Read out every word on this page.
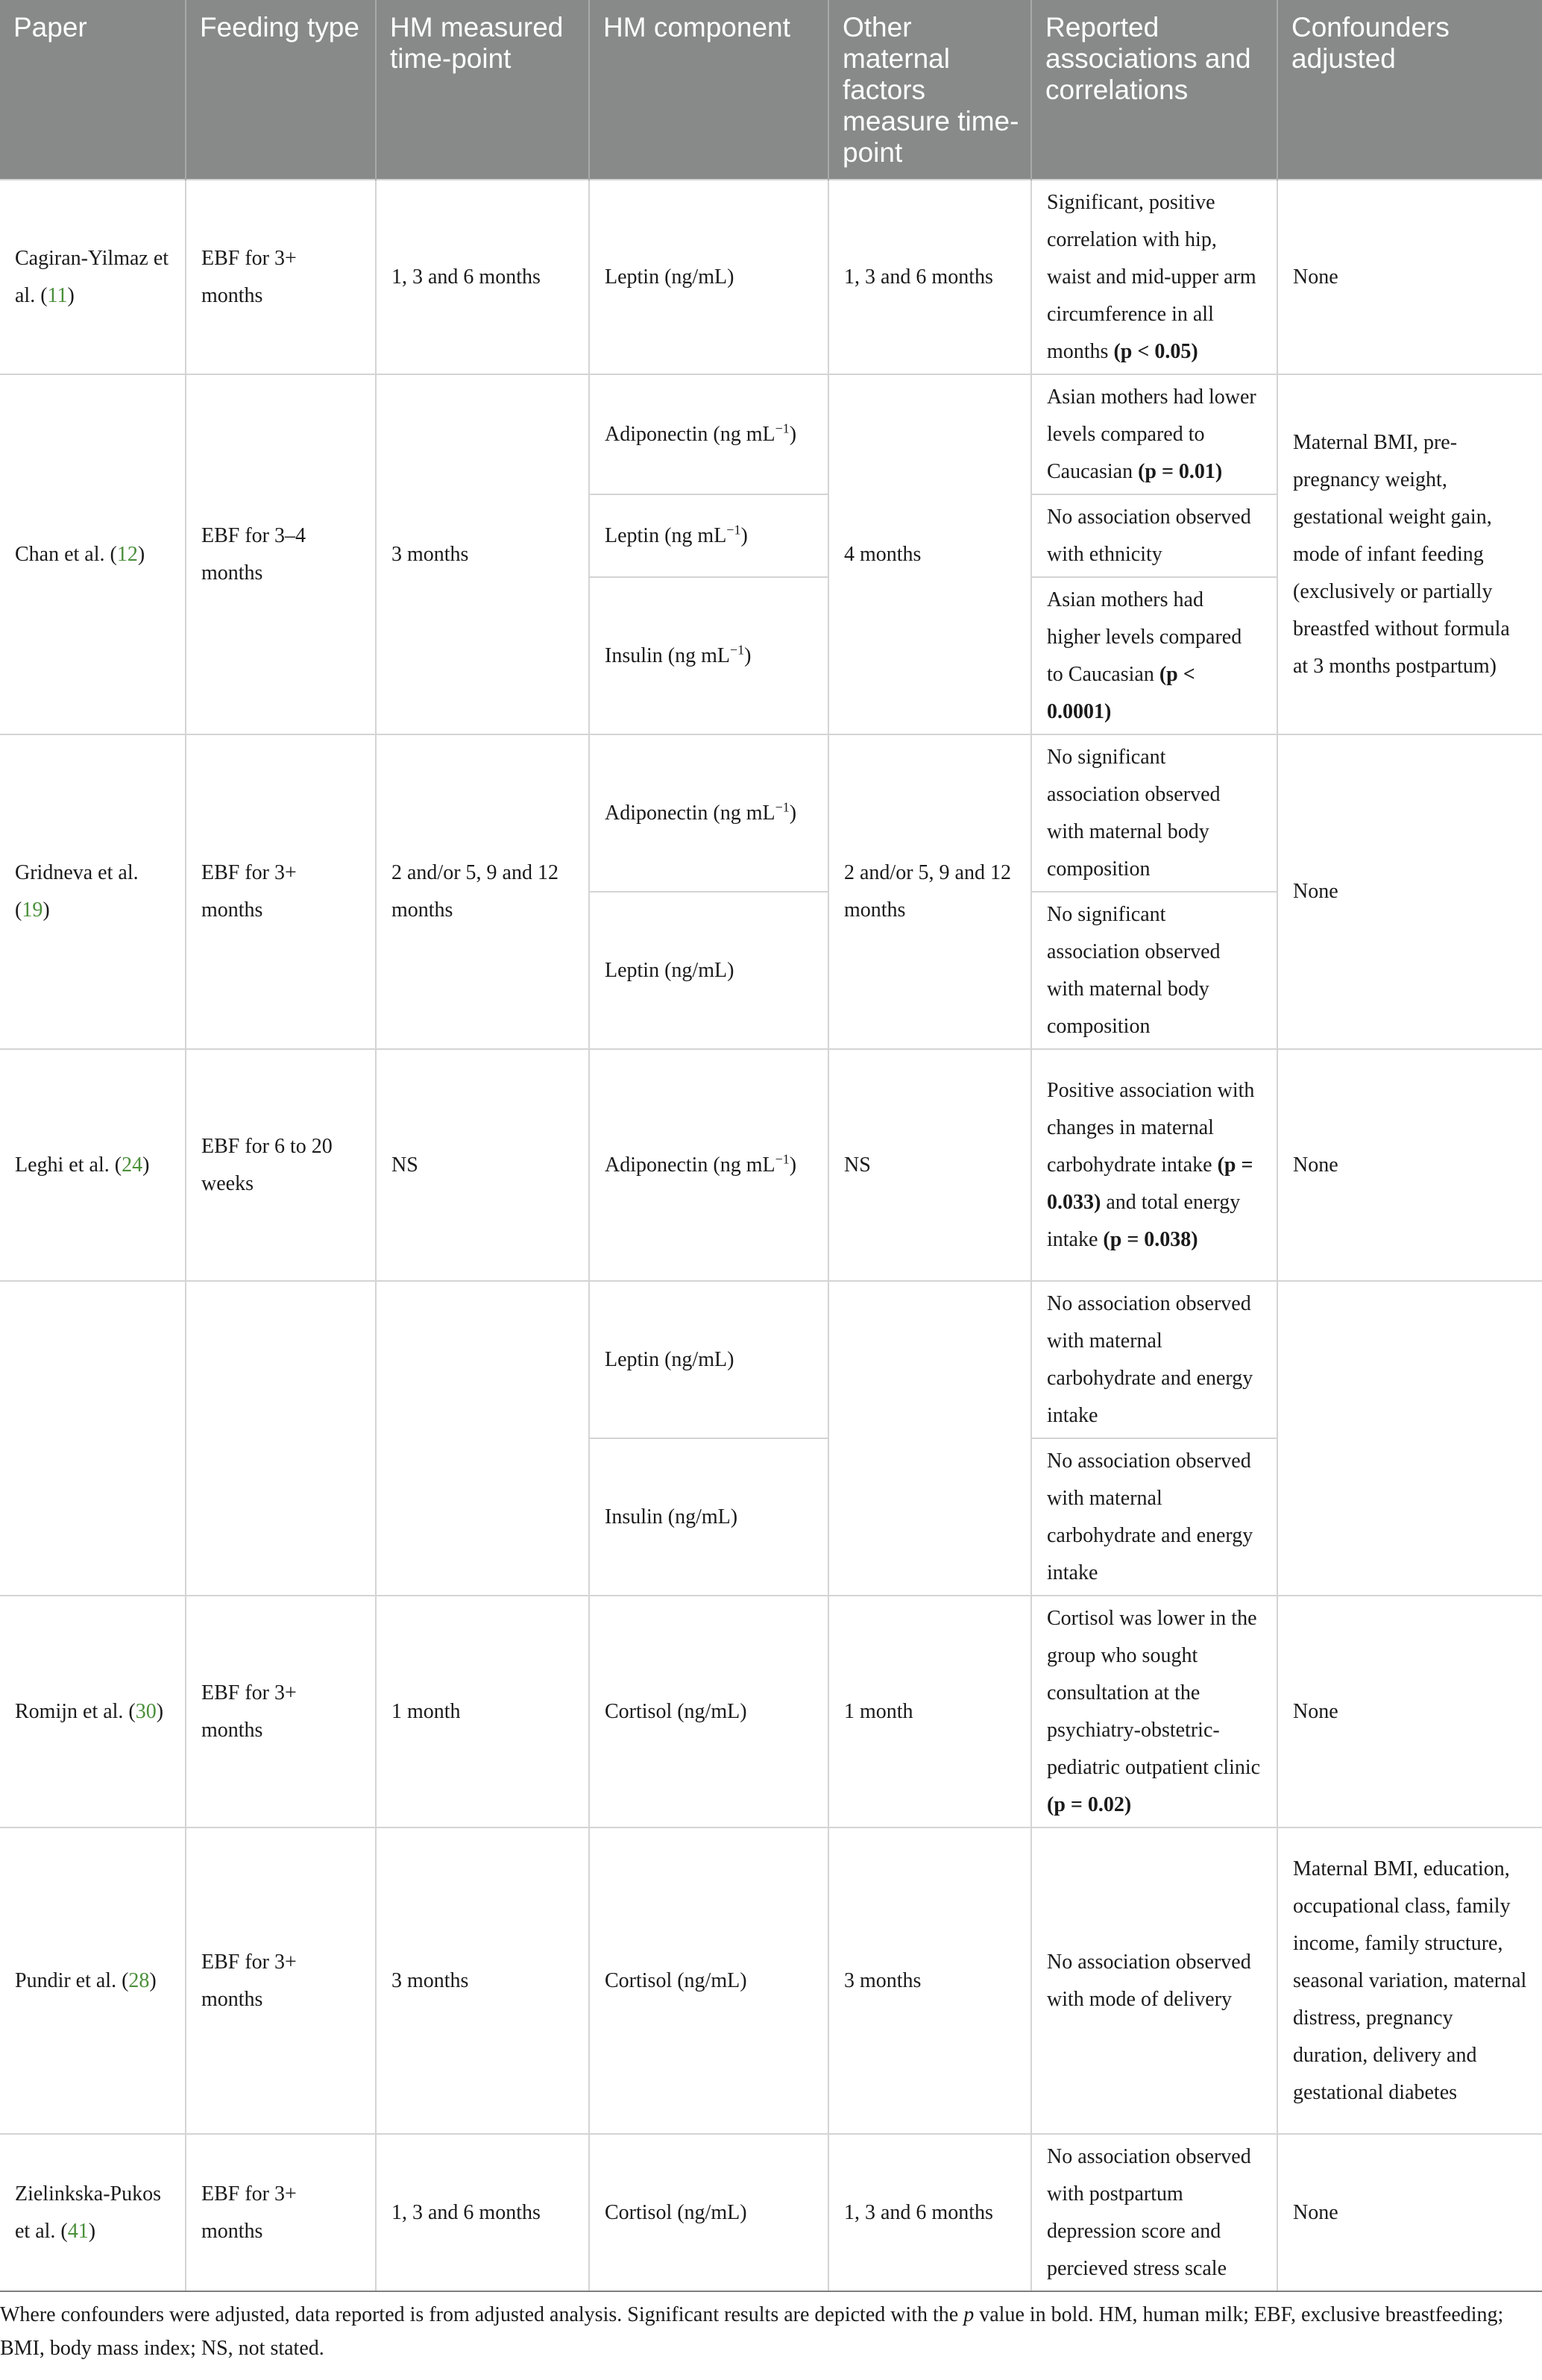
Paper	Feeding type	HM measured time-point	HM component	Other maternal factors measure time-point	Reported associations and correlations	Confounders adjusted
Cagiran-Yilmaz et al. (11)	EBF for 3+ months	1, 3 and 6 months	Leptin (ng/mL)	1, 3 and 6 months	Significant, positive correlation with hip, waist and mid-upper arm circumference in all months (p < 0.05)	None
Chan et al. (12)	EBF for 3–4 months	3 months	Adiponectin (ng $mL^{-1}$)	4 months	Asian mothers had lower levels compared to Caucasian (p = 0.01)	Maternal BMI, pre-pregnancy weight, gestational weight gain, mode of infant feeding (exclusively or partially breastfed without formula at 3 months postpartum)
			Leptin (ng $mL^{-1}$)		No association observed with ethnicity	
			Insulin (ng $mL^{-1}$)		Asian mothers had higher levels compared to Caucasian (p < 0.0001)	
Gridneva et al. (19)	EBF for 3+ months	2 and/or 5, 9 and 12 months	Adiponectin (ng $mL^{-1}$)	2 and/or 5, 9 and 12 months	No significant association observed with maternal body composition	None
			Leptin (ng/mL)		No significant association observed with maternal body composition	
Leghi et al. (24)	EBF for 6 to 20 weeks	NS	Adiponectin (ng $mL^{-1}$)	NS	Positive association with changes in maternal carbohydrate intake (p = 0.033) and total energy intake (p = 0.038)	None
			Leptin (ng/mL)		No association observed with maternal carbohydrate and energy intake	
			Insulin (ng/mL)		No association observed with maternal carbohydrate and energy intake	
Romijn et al. (30)	EBF for 3+ months	1 month	Cortisol (ng/mL)	1 month	Cortisol was lower in the group who sought consultation at the psychiatry-obstetric-pediatric outpatient clinic (p = 0.02)	None
Pundir et al. (28)	EBF for 3+ months	3 months	Cortisol (ng/mL)	3 months	No association observed with mode of delivery	Maternal BMI, education, occupational class, family income, family structure, seasonal variation, maternal distress, pregnancy duration, delivery and gestational diabetes
Zielinkska-Pukos et al. (41)	EBF for 3+ months	1, 3 and 6 months	Cortisol (ng/mL)	1, 3 and 6 months	No association observed with postpartum depression score and percieved stress scale	None
Where confounders were adjusted, data reported is from adjusted analysis. Significant results are depicted with the p value in bold. HM, human milk; EBF, exclusive breastfeeding; BMI, body mass index; NS, not stated.
